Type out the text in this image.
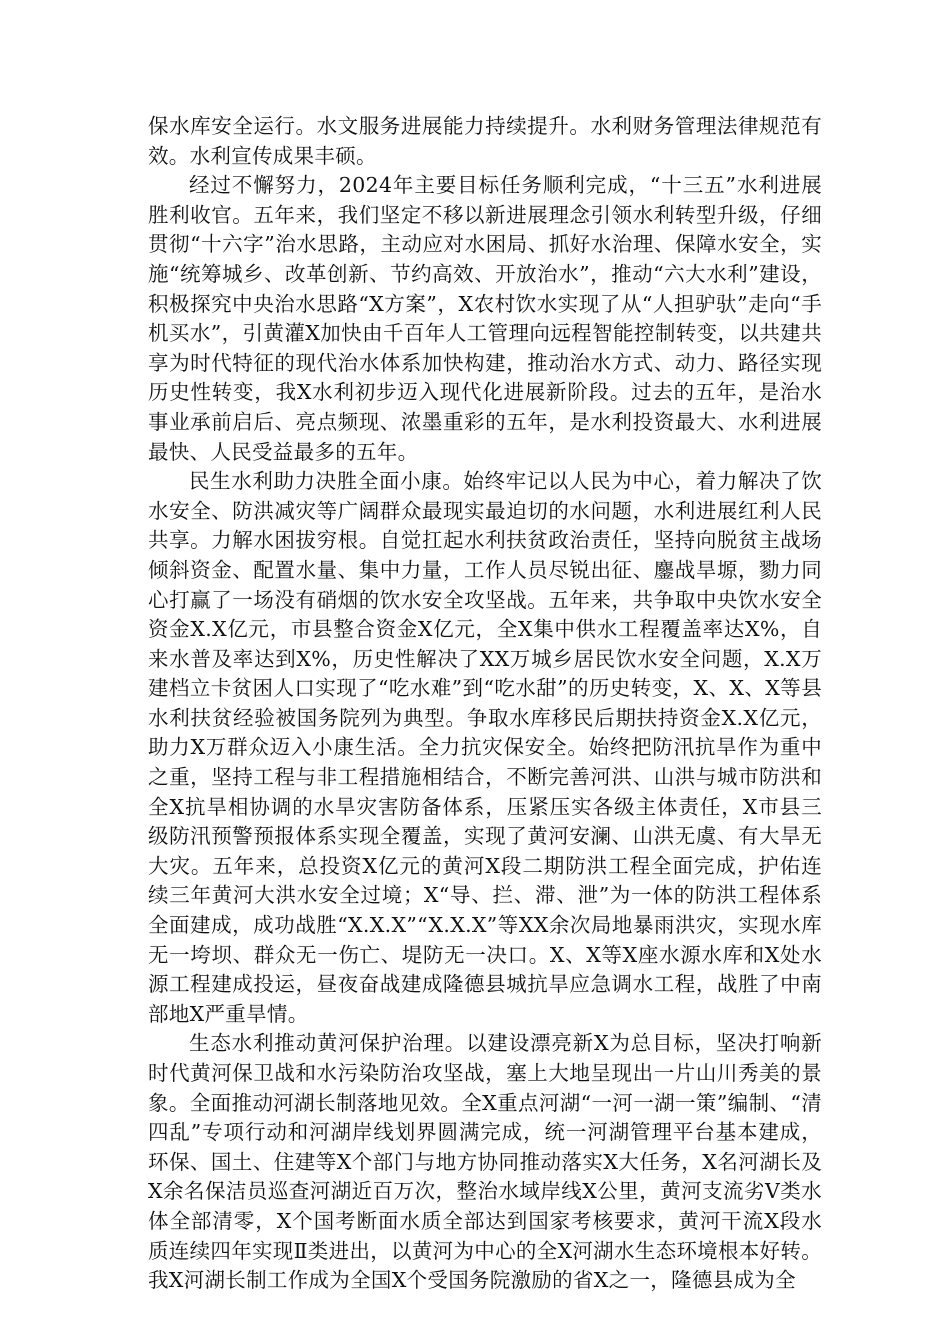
保水库安全运行。水文服务进展能力持续提升。水利财务管理法律规范有效。水利宣传成果丰硕。

经过不懈努力，2024年主要目标任务顺利完成，“十三五”水利进展胜利收官。五年来，我们坚定不移以新进展理念引领水利转型升级，仔细贯彻“十六字”治水思路，主动应对水困局、抓好水治理、保障水安全，实施“统筹城乡、改革创新、节约高效、开放治水”，推动“六大水利”建设，积极探究中央治水思路“X方案”，X农村饮水实现了从“人担驴驮”走向“手机买水”，引黄灌X加快由千百年人工管理向远程智能控制转变，以共建共享为时代特征的现代治水体系加快构建，推动治水方式、动力、路径实现历史性转变，我X水利初步迈入现代化进展新阶段。过去的五年，是治水事业承前启后、亮点频现、浓墨重彩的五年，是水利投资最大、水利进展最快、人民受益最多的五年。

民生水利助力决胜全面小康。始终牢记以人民为中心，着力解决了饮水安全、防洪减灾等广阔群众最现实最迫切的水问题，水利进展红利人民共享。力解水困拔穷根。自觉扛起水利扶贫政治责任，坚持向脱贫主战场倾斜资金、配置水量、集中力量，工作人员尽锐出征、鏖战旱塬，勠力同心打赢了一场没有硝烟的饮水安全攻坚战。五年来，共争取中央饮水安全资金X.X亿元，市县整合资金X亿元，全X集中供水工程覆盖率达X%，自来水普及率达到X%，历史性解决了XX万城乡居民饮水安全问题，X.X万建档立卡贫困人口实现了“吃水难”到“吃水甜”的历史转变，X、X、X等县水利扶贫经验被国务院列为典型。争取水库移民后期扶持资金X.X亿元，助力X万群众迈入小康生活。全力抗灾保安全。始终把防汛抗旱作为重中之重，坚持工程与非工程措施相结合，不断完善河洪、山洪与城市防洪和全X抗旱相协调的水旱灾害防备体系，压紧压实各级主体责任，X市县三级防汛预警预报体系实现全覆盖，实现了黄河安澜、山洪无虞、有大旱无大灾。五年来，总投资X亿元的黄河X段二期防洪工程全面完成，护佑连续三年黄河大洪水安全过境；X“导、拦、滞、泄”为一体的防洪工程体系全面建成，成功战胜“X.X.X”“X.X.X”等XX余次局地暴雨洪灾，实现水库无一垮坝、群众无一伤亡、堤防无一决口。X、X等X座水源水库和X处水源工程建成投运，昼夜奋战建成隆德县城抗旱应急调水工程，战胜了中南部地X严重旱情。

生态水利推动黄河保护治理。以建设漂亮新X为总目标，坚决打响新时代黄河保卫战和水污染防治攻坚战，塞上大地呈现出一片山川秀美的景象。全面推动河湖长制落地见效。全X重点河湖“一河一湖一策”编制、“清四乱”专项行动和河湖岸线划界圆满完成，统一河湖管理平台基本建成，环保、国土、住建等X个部门与地方协同推动落实X大任务，X名河湖长及X余名保洁员巡查河湖近百万次，整治水域岸线X公里，黄河支流劣Ⅴ类水体全部清零，X个国考断面水质全部达到国家考核要求，黄河干流X段水质连续四年实现Ⅱ类进出，以黄河为中心的全X河湖水生态环境根本好转。我X河湖长制工作成为全国X个受国务院激励的省X之一，隆德县成为全
